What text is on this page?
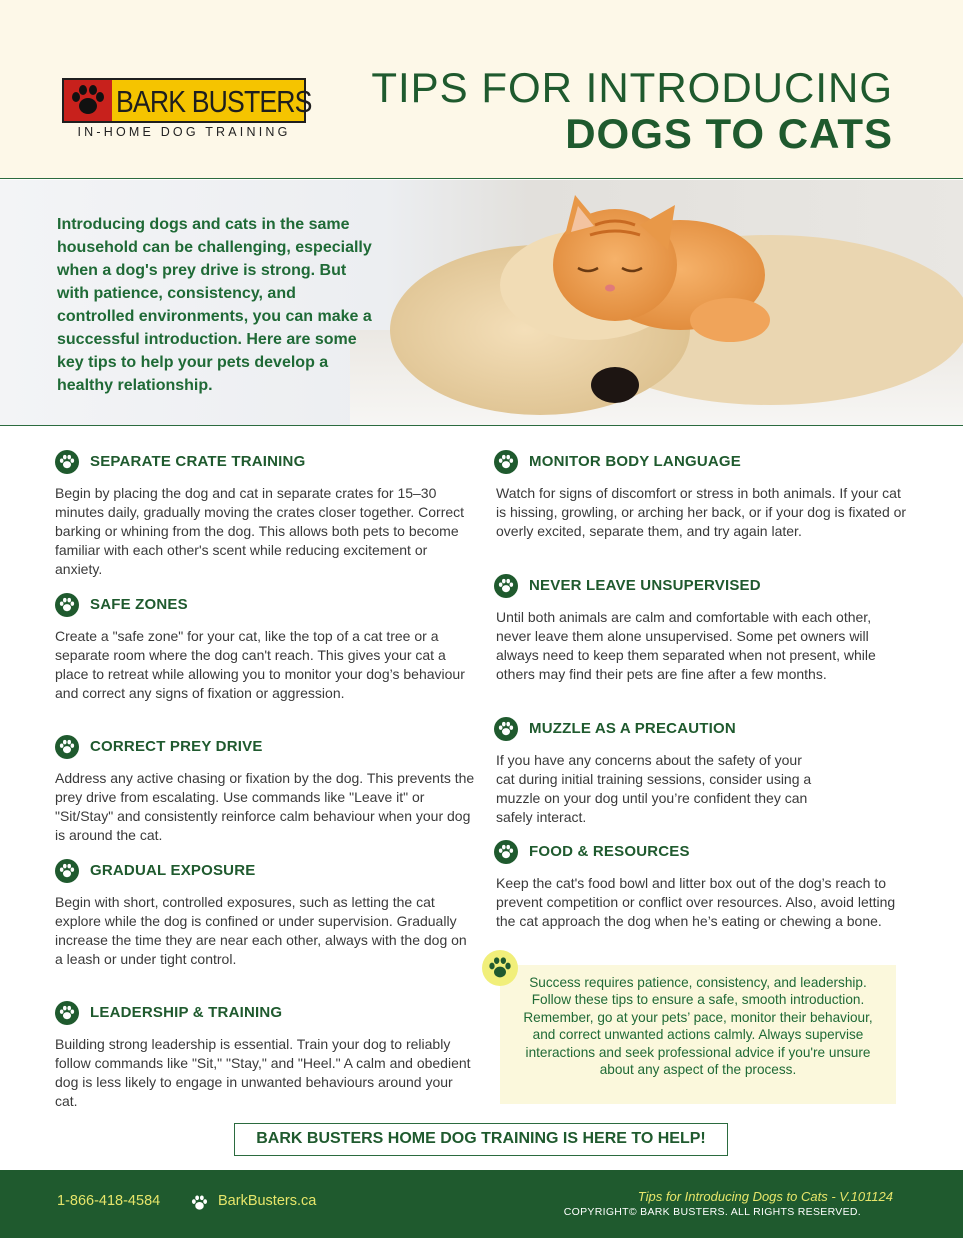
BARK BUSTERS
IN-HOME DOG TRAINING
TIPS FOR INTRODUCING
DOGS TO CATS
Introducing dogs and cats in the same household can be challenging, especially when a dog's prey drive is strong. But with patience, consistency, and controlled environments, you can make a successful introduction. Here are some key tips to help your pets develop a healthy relationship.
SEPARATE CRATE TRAINING
Begin by placing the dog and cat in separate crates for 15–30 minutes daily, gradually moving the crates closer together. Correct barking or whining from the dog. This allows both pets to become familiar with each other's scent while reducing excitement or anxiety.
SAFE ZONES
Create a "safe zone" for your cat, like the top of a cat tree or a separate room where the dog can't reach. This gives your cat a place to retreat while allowing you to monitor your dog’s behaviour and correct any signs of fixation or aggression.
CORRECT PREY DRIVE
Address any active chasing or fixation by the dog. This prevents the prey drive from escalating. Use commands like "Leave it" or "Sit/Stay" and consistently reinforce calm behaviour when your dog is around the cat.
GRADUAL EXPOSURE
Begin with short, controlled exposures, such as letting the cat explore while the dog is confined or under supervision. Gradually increase the time they are near each other, always with the dog on a leash or under tight control.
LEADERSHIP & TRAINING
Building strong leadership is essential. Train your dog to reliably follow commands like "Sit," "Stay," and "Heel." A calm and obedient dog is less likely to engage in unwanted behaviours around your cat.
MONITOR BODY LANGUAGE
Watch for signs of discomfort or stress in both animals. If your cat is hissing, growling, or arching her back, or if your dog is fixated or overly excited, separate them, and try again later.
NEVER LEAVE UNSUPERVISED
Until both animals are calm and comfortable with each other, never leave them alone unsupervised. Some pet owners will always need to keep them separated when not present, while others may find their pets are fine after a few months.
MUZZLE AS A PRECAUTION
If you have any concerns about the safety of your cat during initial training sessions, consider using a muzzle on your dog until you’re confident they can safely interact.
FOOD & RESOURCES
Keep the cat's food bowl and litter box out of the dog’s reach to prevent competition or conflict over resources. Also, avoid letting the cat approach the dog when he’s eating or chewing a bone.
Success requires patience, consistency, and leadership. Follow these tips to ensure a safe, smooth introduction. Remember, go at your pets’ pace, monitor their behaviour, and correct unwanted actions calmly. Always supervise interactions and seek professional advice if you're unsure about any aspect of the process.
BARK BUSTERS HOME DOG TRAINING IS HERE TO HELP!
1-866-418-4584	BarkBusters.ca	Tips for Introducing Dogs to Cats - V.101124
COPYRIGHT© BARK BUSTERS. ALL RIGHTS RESERVED.
